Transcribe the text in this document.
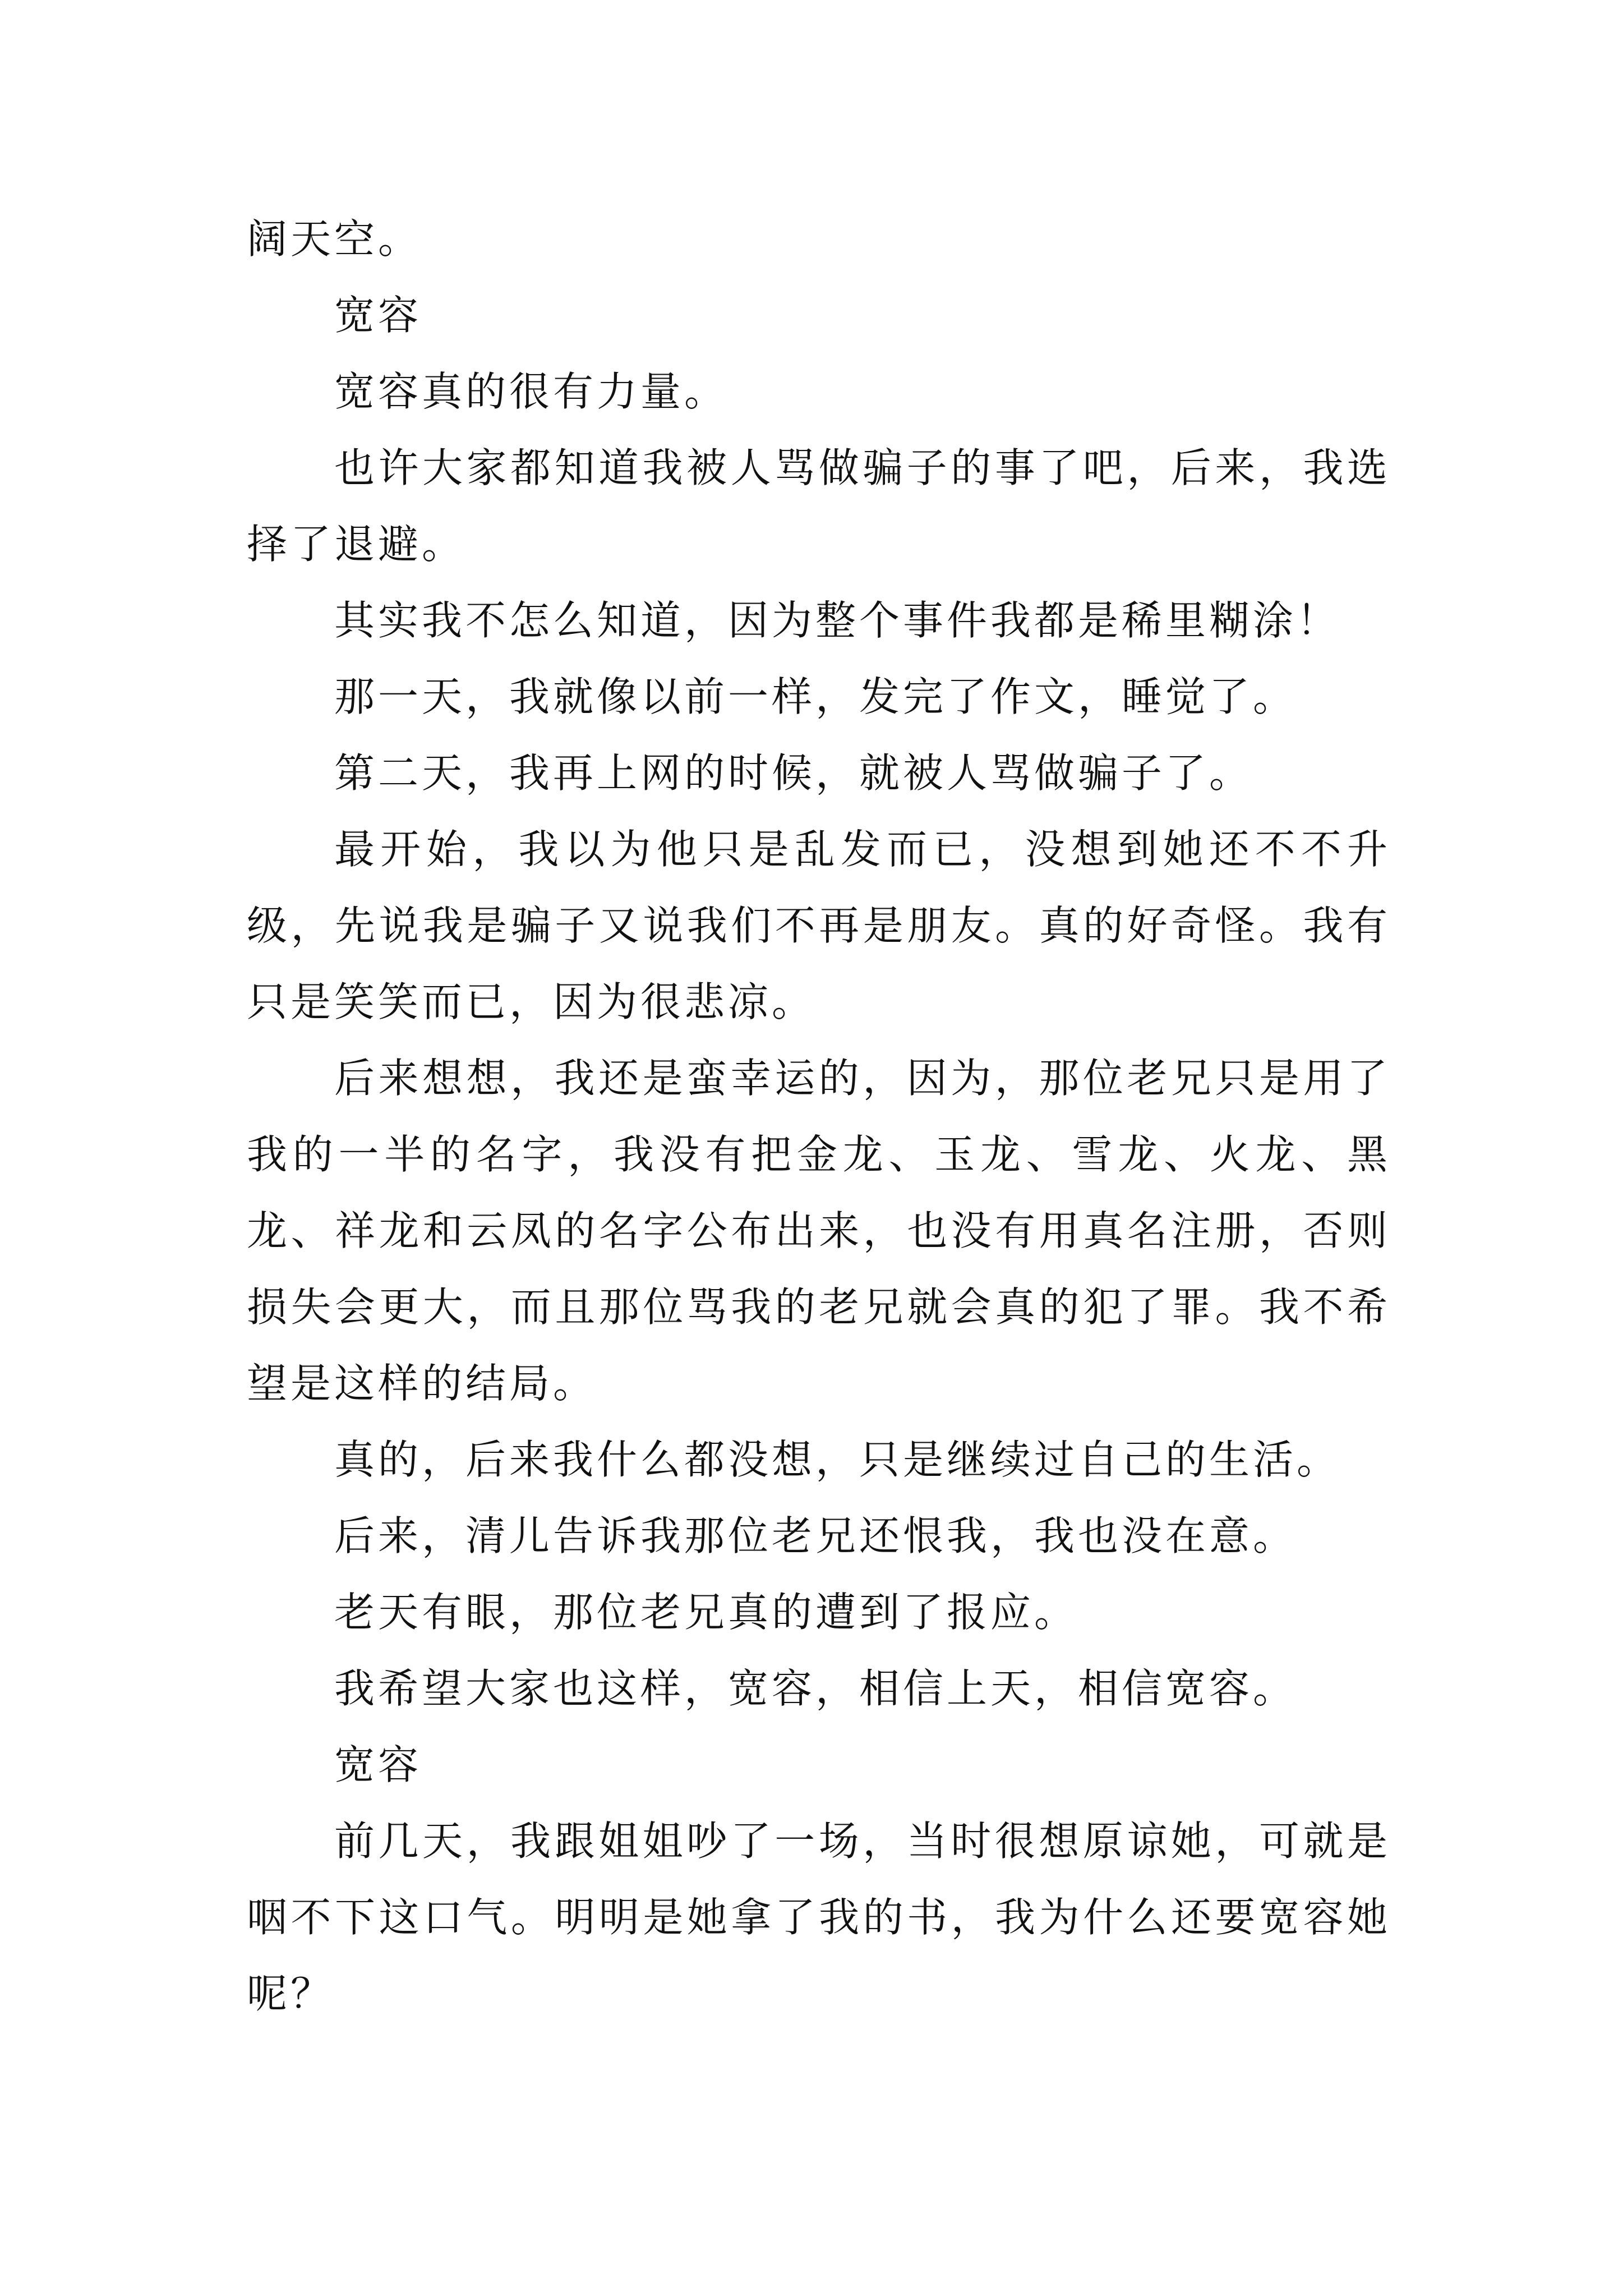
阔天空。

宽容

宽容真的很有力量。

也许大家都知道我被人骂做骗子的事了吧，后来，我选择了退避。

其实我不怎么知道，因为整个事件我都是稀里糊涂！

那一天，我就像以前一样，发完了作文，睡觉了。

第二天，我再上网的时候，就被人骂做骗子了。

最开始，我以为他只是乱发而已，没想到她还不不升级，先说我是骗子又说我们不再是朋友。真的好奇怪。我有只是笑笑而已，因为很悲凉。

后来想想，我还是蛮幸运的，因为，那位老兄只是用了我的一半的名字，我没有把金龙、玉龙、雪龙、火龙、黑龙、祥龙和云凤的名字公布出来，也没有用真名注册，否则损失会更大，而且那位骂我的老兄就会真的犯了罪。我不希望是这样的结局。

真的，后来我什么都没想，只是继续过自己的生活。

后来，清儿告诉我那位老兄还恨我，我也没在意。

老天有眼，那位老兄真的遭到了报应。

我希望大家也这样，宽容，相信上天，相信宽容。

宽容

前几天，我跟姐姐吵了一场，当时很想原谅她，可就是咽不下这口气。明明是她拿了我的书，我为什么还要宽容她呢？
